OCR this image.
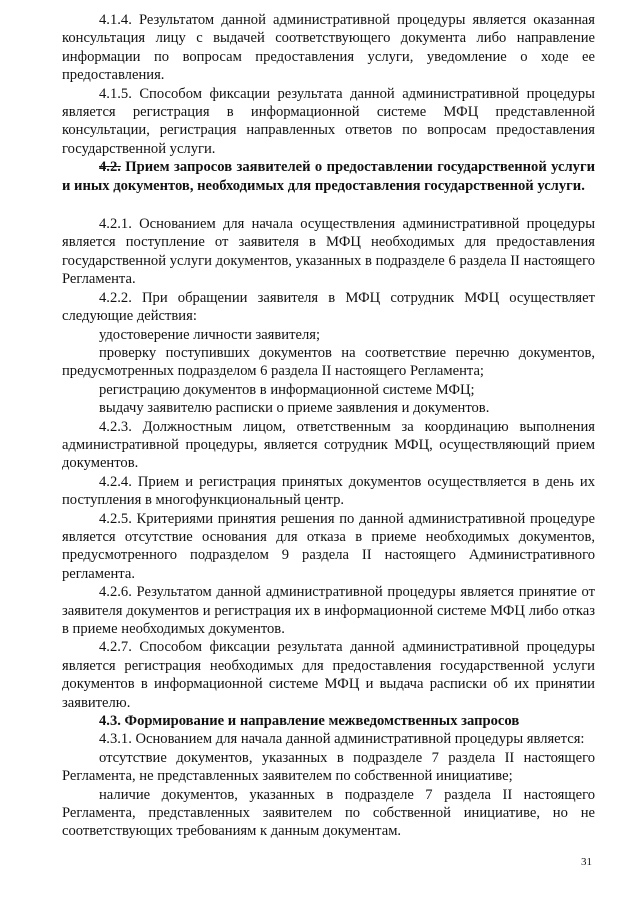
4.1.4. Результатом данной административной процедуры является оказанная консультация лицу с выдачей соответствующего документа либо направление информации по вопросам предоставления услуги, уведомление о ходе ее предоставления.

4.1.5. Способом фиксации результата данной административной процедуры является регистрация в информационной системе МФЦ представленной консультации, регистрация направленных ответов по вопросам предоставления государственной услуги.

4.2. Прием запросов заявителей о предоставлении государственной услуги и иных документов, необходимых для предоставления государственной услуги.

4.2.1. Основанием для начала осуществления административной процедуры является поступление от заявителя в МФЦ необходимых для предоставления государственной услуги документов, указанных в подразделе 6 раздела II настоящего Регламента.

4.2.2. При обращении заявителя в МФЦ сотрудник МФЦ осуществляет следующие действия:

удостоверение личности заявителя;

проверку поступивших документов на соответствие перечню документов, предусмотренных подразделом 6 раздела II настоящего Регламента;

регистрацию документов в информационной системе МФЦ;

выдачу заявителю расписки о приеме заявления и документов.

4.2.3. Должностным лицом, ответственным за координацию выполнения административной процедуры, является сотрудник МФЦ, осуществляющий прием документов.

4.2.4. Прием и регистрация принятых документов осуществляется в день их поступления в многофункциональный центр.

4.2.5. Критериями принятия решения по данной административной процедуре является отсутствие основания для отказа в приеме необходимых документов, предусмотренного подразделом 9 раздела II настоящего Административного регламента.

4.2.6. Результатом данной административной процедуры является принятие от заявителя документов и регистрация их в информационной системе МФЦ либо отказ в приеме необходимых документов.

4.2.7. Способом фиксации результата данной административной процедуры является регистрация необходимых для предоставления государственной услуги документов в информационной системе МФЦ и выдача расписки об их принятии заявителю.

4.3. Формирование и направление межведомственных запросов

4.3.1. Основанием для начала данной административной процедуры является:

отсутствие документов, указанных в подразделе 7 раздела II настоящего Регламента, не представленных заявителем по собственной инициативе;

наличие документов, указанных в подразделе 7 раздела II настоящего Регламента, представленных заявителем по собственной инициативе, но не соответствующих требованиям к данным документам.

31
